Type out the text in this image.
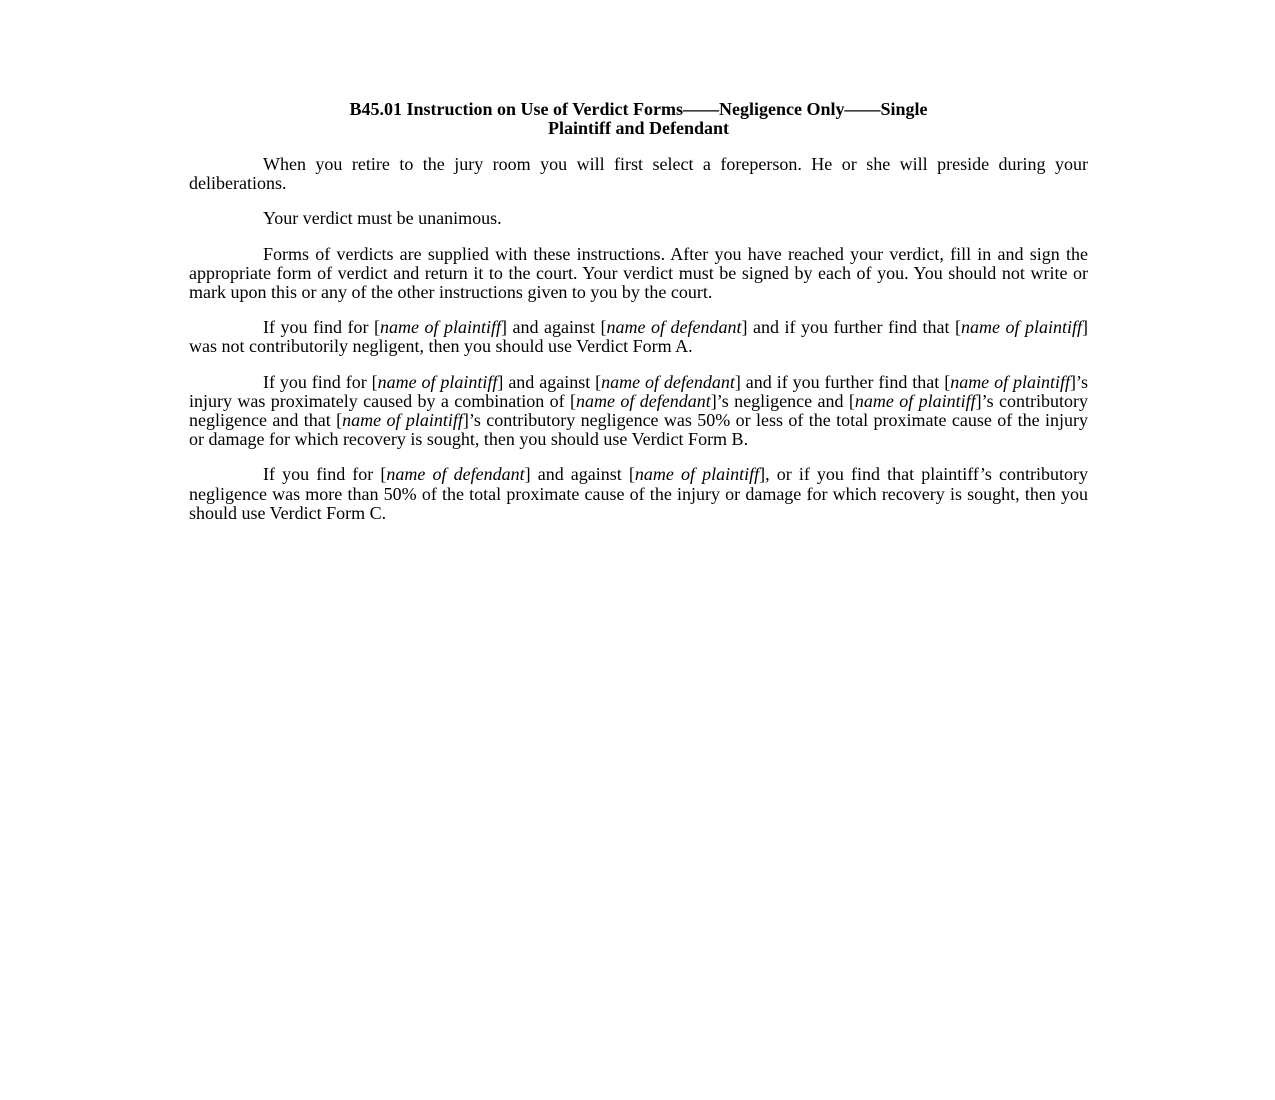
B45.01 Instruction on Use of Verdict Forms——Negligence Only——Single
Plaintiff and Defendant

When you retire to the jury room you will first select a foreperson. He or she will preside during your deliberations.

Your verdict must be unanimous.

Forms of verdicts are supplied with these instructions. After you have reached your verdict, fill in and sign the appropriate form of verdict and return it to the court. Your verdict must be signed by each of you. You should not write or mark upon this or any of the other instructions given to you by the court.

If you find for [name of plaintiff] and against [name of defendant] and if you further find that [name of plaintiff] was not contributorily negligent, then you should use Verdict Form A.

If you find for [name of plaintiff] and against [name of defendant] and if you further find that [name of plaintiff]’s injury was proximately caused by a combination of [name of defendant]’s negligence and [name of plaintiff]’s contributory negligence and that [name of plaintiff]’s contributory negligence was 50% or less of the total proximate cause of the injury or damage for which recovery is sought, then you should use Verdict Form B.

If you find for [name of defendant] and against [name of plaintiff], or if you find that plaintiff’s contributory negligence was more than 50% of the total proximate cause of the injury or damage for which recovery is sought, then you should use Verdict Form C.
